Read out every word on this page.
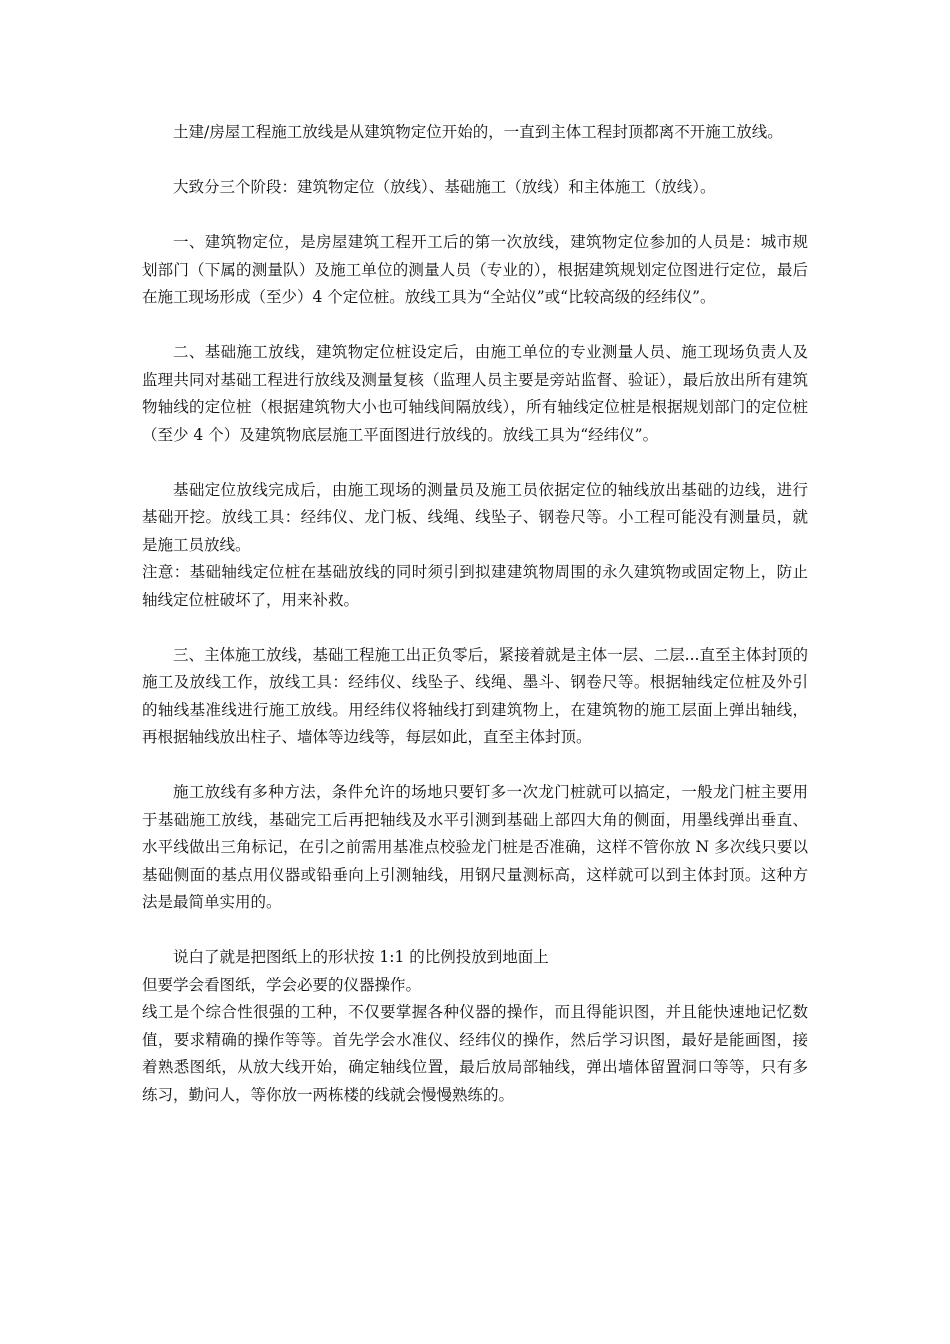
土建/房屋工程施工放线是从建筑物定位开始的，一直到主体工程封顶都离不开施工放线。

大致分三个阶段：建筑物定位（放线）、基础施工（放线）和主体施工（放线）。

一、建筑物定位，是房屋建筑工程开工后的第一次放线，建筑物定位参加的人员是：城市规划部门（下属的测量队）及施工单位的测量人员（专业的），根据建筑规划定位图进行定位，最后在施工现场形成（至少）4 个定位桩。放线工具为“全站仪”或“比较高级的经纬仪”。

二、基础施工放线，建筑物定位桩设定后，由施工单位的专业测量人员、施工现场负责人及监理共同对基础工程进行放线及测量复核（监理人员主要是旁站监督、验证），最后放出所有建筑物轴线的定位桩（根据建筑物大小也可轴线间隔放线），所有轴线定位桩是根据规划部门的定位桩（至少 4 个）及建筑物底层施工平面图进行放线的。放线工具为“经纬仪”。

基础定位放线完成后，由施工现场的测量员及施工员依据定位的轴线放出基础的边线，进行基础开挖。放线工具：经纬仪、龙门板、线绳、线坠子、钢卷尺等。小工程可能没有测量员，就是施工员放线。

注意：基础轴线定位桩在基础放线的同时须引到拟建建筑物周围的永久建筑物或固定物上，防止轴线定位桩破坏了，用来补救。

三、主体施工放线，基础工程施工出正负零后，紧接着就是主体一层、二层...直至主体封顶的施工及放线工作，放线工具：经纬仪、线坠子、线绳、墨斗、钢卷尺等。根据轴线定位桩及外引的轴线基准线进行施工放线。用经纬仪将轴线打到建筑物上，在建筑物的施工层面上弹出轴线，再根据轴线放出柱子、墙体等边线等，每层如此，直至主体封顶。

施工放线有多种方法，条件允许的场地只要钉多一次龙门桩就可以搞定，一般龙门桩主要用于基础施工放线，基础完工后再把轴线及水平引测到基础上部四大角的侧面，用墨线弹出垂直、水平线做出三角标记，在引之前需用基准点校验龙门桩是否准确，这样不管你放 N 多次线只要以基础侧面的基点用仪器或铅垂向上引测轴线，用钢尺量测标高，这样就可以到主体封顶。这种方法是最简单实用的。

说白了就是把图纸上的形状按 1:1 的比例投放到地面上

但要学会看图纸，学会必要的仪器操作。

线工是个综合性很强的工种，不仅要掌握各种仪器的操作，而且得能识图，并且能快速地记忆数值，要求精确的操作等等。首先学会水准仪、经纬仪的操作，然后学习识图，最好是能画图，接着熟悉图纸，从放大线开始，确定轴线位置，最后放局部轴线，弹出墙体留置洞口等等，只有多练习，勤问人，等你放一两栋楼的线就会慢慢熟练的。
